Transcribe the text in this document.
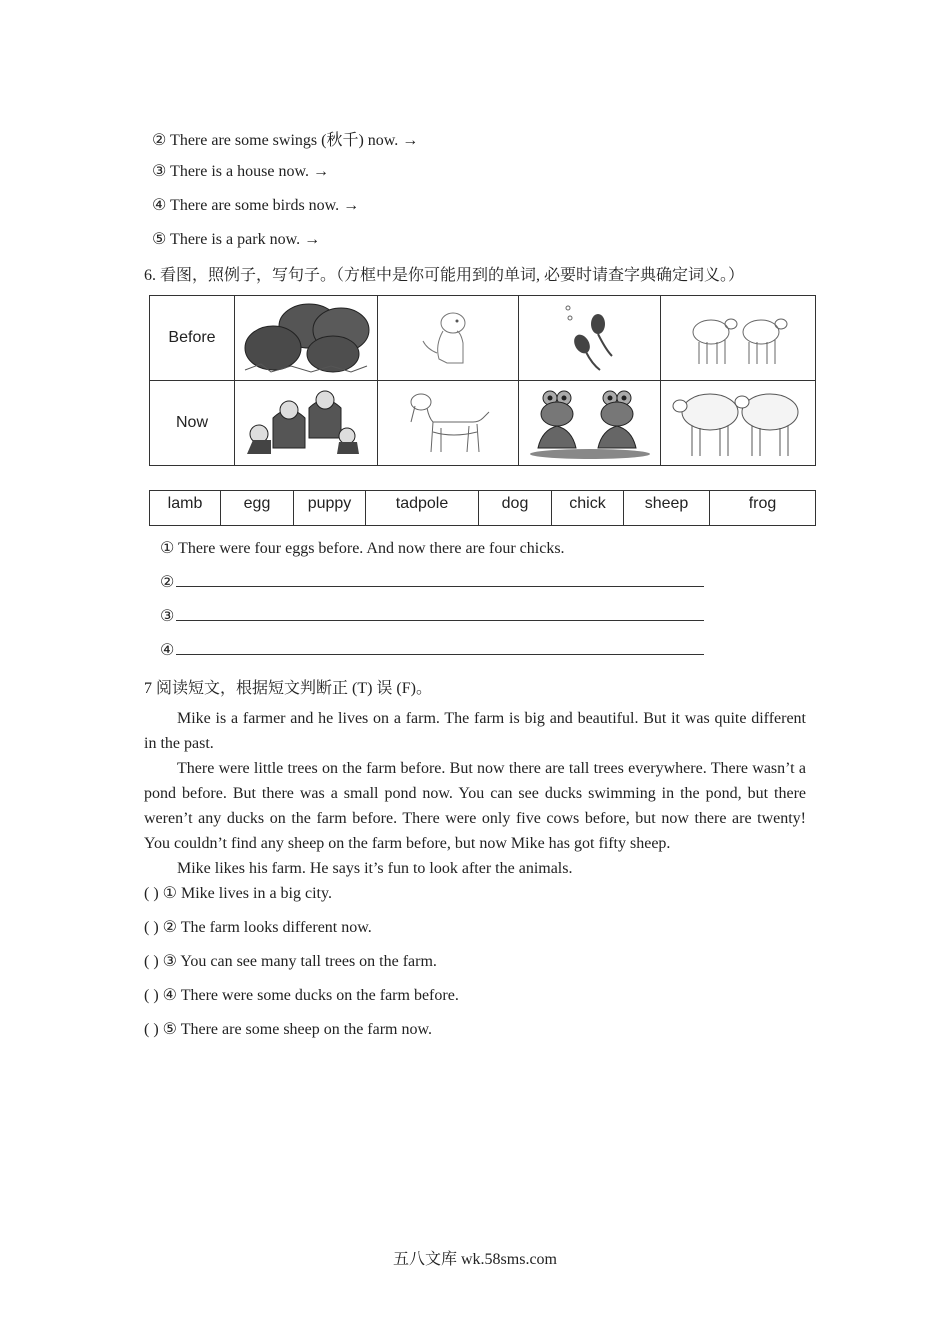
② There are some swings (秋千) now. →
③ There is a house now. →
④ There are some birds now. →
⑤ There is a park now. →
6. 看图，照例子，写句子。（方框中是你可能用到的单词, 必要时请查字典确定词义。）
Before	

Now	

lamb	egg	puppy	tadpole	dog	chick	sheep	frog
① There were four eggs before. And now there are four chicks.
②
③
④
7 阅读短文，根据短文判断正 (T) 误 (F)。

Mike is a farmer and he lives on a farm. The farm is big and beautiful. But it was quite different in the past.

There were little trees on the farm before. But now there are tall trees everywhere. There wasn’t a pond before. But there was a small pond now. You can see ducks swimming in the pond, but there weren’t any ducks on the farm before. There were only five cows before, but now there are twenty! You couldn’t find any sheep on the farm before, but now Mike has got fifty sheep.

Mike likes his farm. He says it’s fun to look after the animals.

( ) ① Mike lives in a big city.
( ) ② The farm looks different now.
( ) ③ You can see many tall trees on the farm.
( ) ④ There were some ducks on the farm before.
( ) ⑤ There are some sheep on the farm now.
五八文库 wk.58sms.com
